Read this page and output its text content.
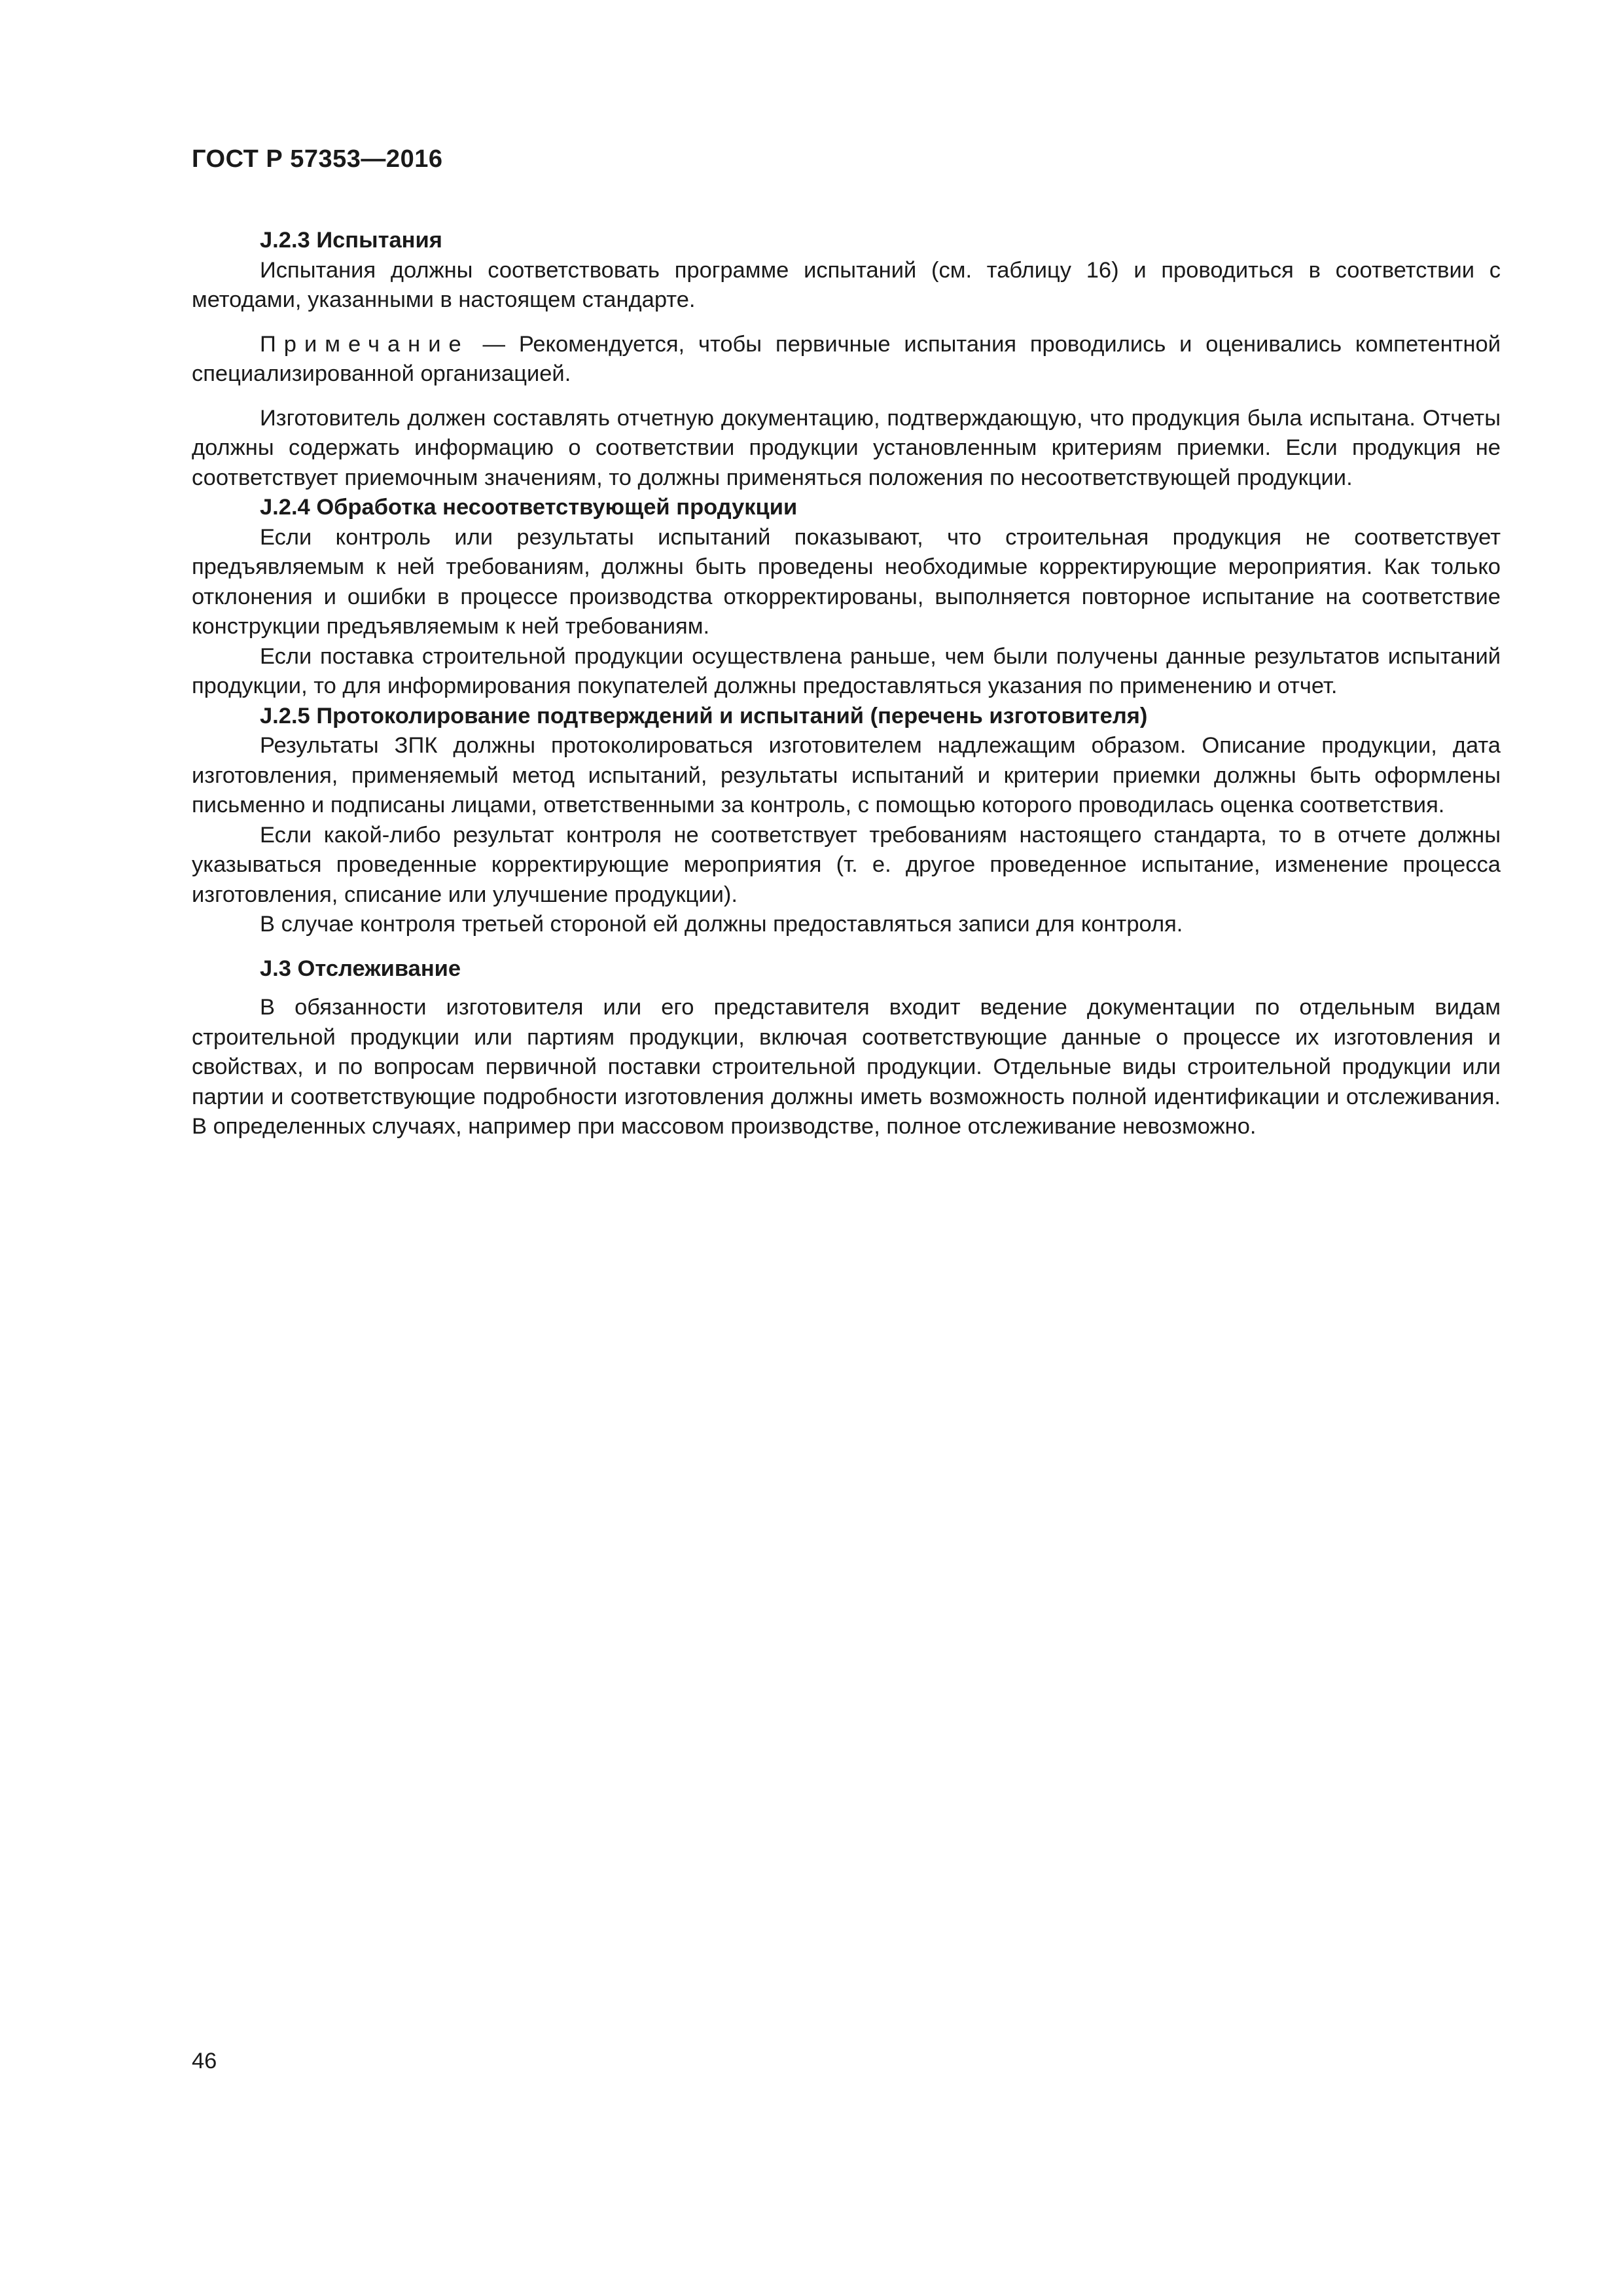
ГОСТ Р 57353—2016

J.2.3 Испытания

Испытания должны соответствовать программе испытаний (см. таблицу 16) и проводиться в соответствии с методами, указанными в настоящем стандарте.

Примечание — Рекомендуется, чтобы первичные испытания проводились и оценивались компетентной специализированной организацией.

Изготовитель должен составлять отчетную документацию, подтверждающую, что продукция была испытана. Отчеты должны содержать информацию о соответствии продукции установленным критериям приемки. Если продукция не соответствует приемочным значениям, то должны применяться положения по несоответствующей продукции.

J.2.4 Обработка несоответствующей продукции

Если контроль или результаты испытаний показывают, что строительная продукция не соответствует предъявляемым к ней требованиям, должны быть проведены необходимые корректирующие мероприятия. Как только отклонения и ошибки в процессе производства откорректированы, выполняется повторное испытание на соответствие конструкции предъявляемым к ней требованиям.

Если поставка строительной продукции осуществлена раньше, чем были получены данные результатов испытаний продукции, то для информирования покупателей должны предоставляться указания по применению и отчет.

J.2.5 Протоколирование подтверждений и испытаний (перечень изготовителя)

Результаты ЗПК должны протоколироваться изготовителем надлежащим образом. Описание продукции, дата изготовления, применяемый метод испытаний, результаты испытаний и критерии приемки должны быть оформлены письменно и подписаны лицами, ответственными за контроль, с помощью которого проводилась оценка соответствия.

Если какой-либо результат контроля не соответствует требованиям настоящего стандарта, то в отчете должны указываться проведенные корректирующие мероприятия (т. е. другое проведенное испытание, изменение процесса изготовления, списание или улучшение продукции).

В случае контроля третьей стороной ей должны предоставляться записи для контроля.

J.3 Отслеживание

В обязанности изготовителя или его представителя входит ведение документации по отдельным видам строительной продукции или партиям продукции, включая соответствующие данные о процессе их изготовления и свойствах, и по вопросам первичной поставки строительной продукции. Отдельные виды строительной продукции или партии и соответствующие подробности изготовления должны иметь возможность полной идентификации и отслеживания. В определенных случаях, например при массовом производстве, полное отслеживание невозможно.

46
